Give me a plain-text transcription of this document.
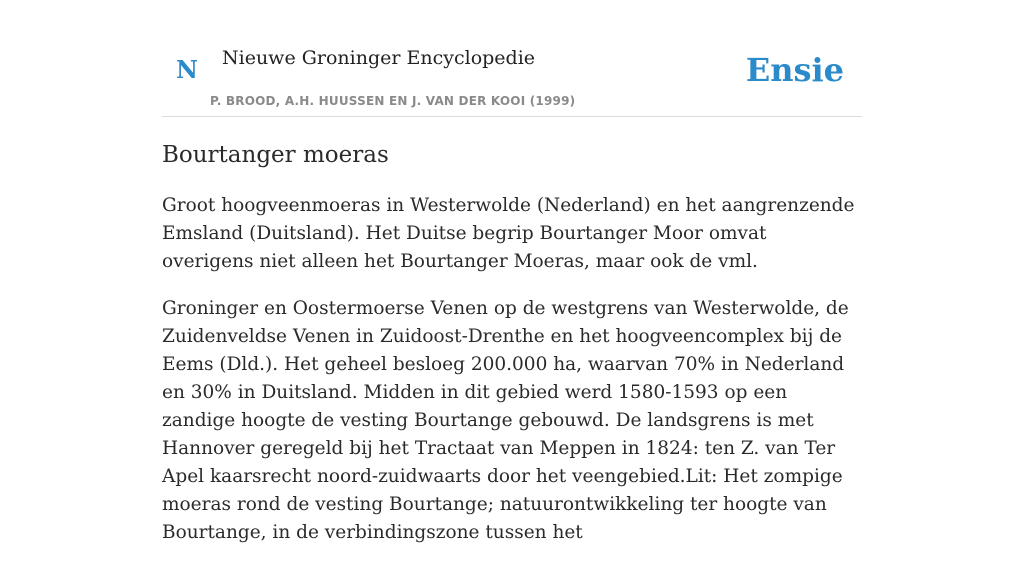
N Nieuwe Groninger Encyclopedie
P. BROOD, A.H. HUUSSEN EN J. VAN DER KOOI (1999)
Ensie
Bourtanger moeras

Groot hoogveenmoeras in Westerwolde (Nederland) en het aangrenzende Emsland (Duitsland). Het Duitse begrip Bourtanger Moor omvat overigens niet alleen het Bourtanger Moeras, maar ook de vml.

Groninger en Oostermoerse Venen op de westgrens van Westerwolde, de Zuidenveldse Venen in Zuidoost-Drenthe en het hoogveencomplex bij de Eems (Dld.). Het geheel besloeg 200.000 ha, waarvan 70% in Nederland en 30% in Duitsland. Midden in dit gebied werd 1580-1593 op een zandige hoogte de vesting Bourtange gebouwd. De landsgrens is met Hannover geregeld bij het Tractaat van Meppen in 1824: ten Z. van Ter Apel kaarsrecht noord-zuidwaarts door het veengebied.Lit: Het zompige moeras rond de vesting Bourtange; natuurontwikkeling ter hoogte van Bourtange, in de verbindingszone tussen het
